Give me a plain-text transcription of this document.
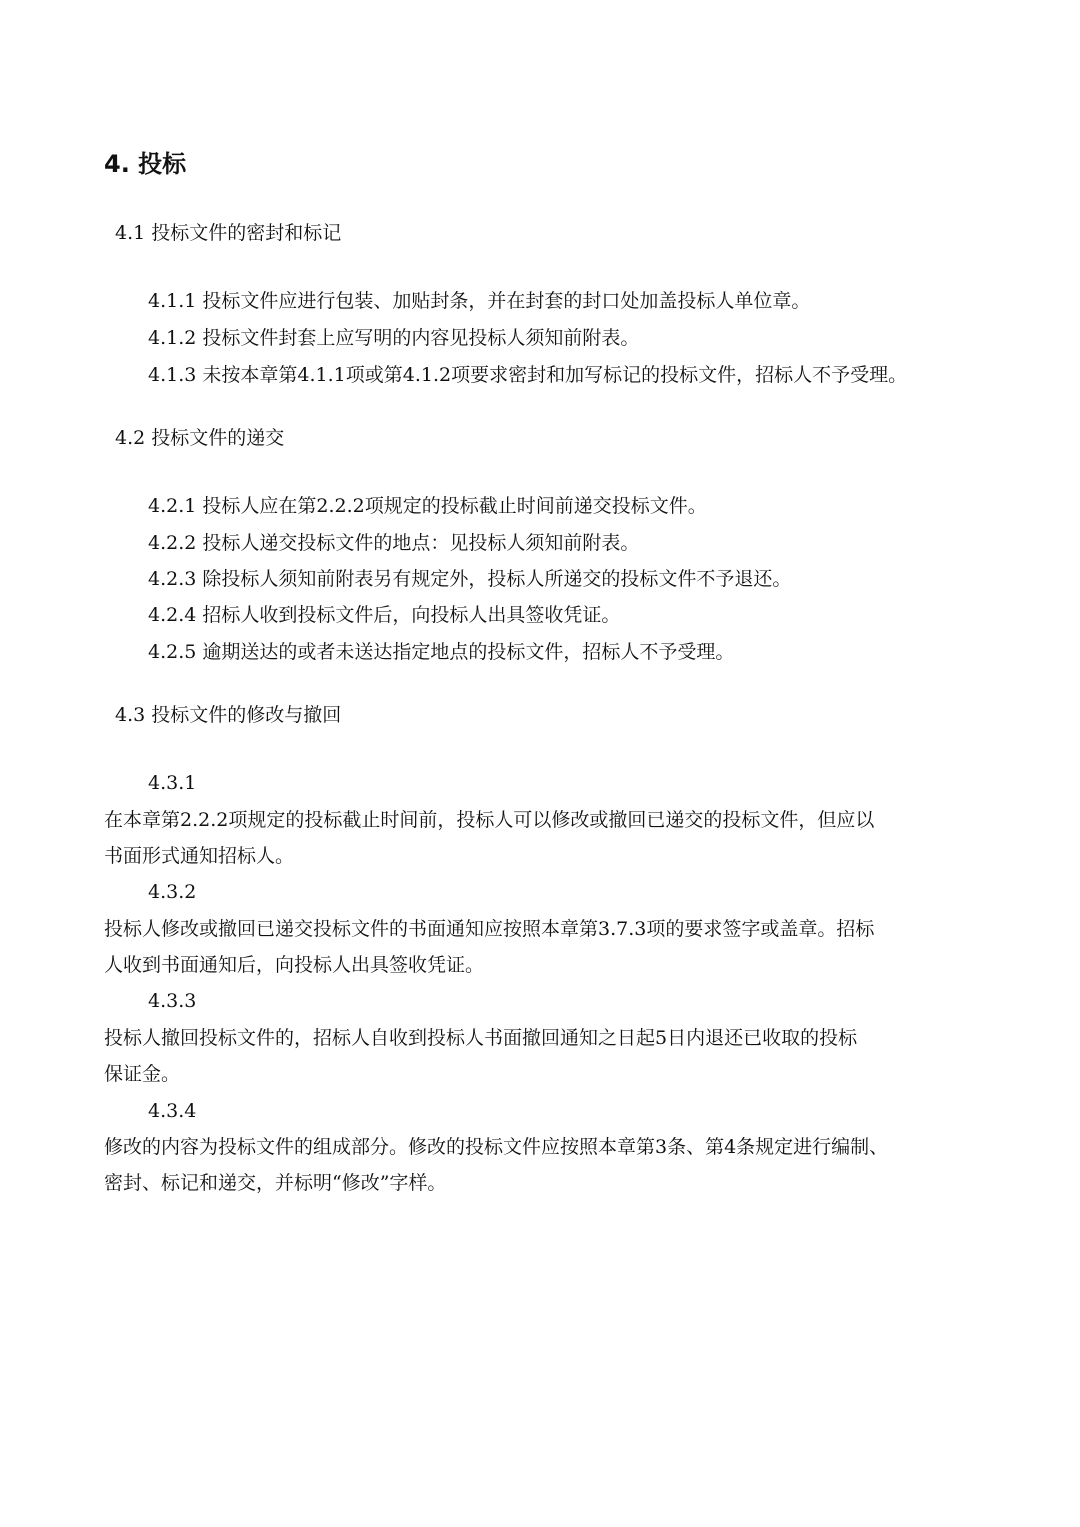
4. 投标
4.1 投标文件的密封和标记
4.1.1 投标文件应进行包装、加贴封条，并在封套的封口处加盖投标人单位章。
4.1.2 投标文件封套上应写明的内容见投标人须知前附表。
4.1.3 未按本章第4.1.1项或第4.1.2项要求密封和加写标记的投标文件，招标人不予受理。
4.2 投标文件的递交
4.2.1 投标人应在第2.2.2项规定的投标截止时间前递交投标文件。
4.2.2 投标人递交投标文件的地点：见投标人须知前附表。
4.2.3 除投标人须知前附表另有规定外，投标人所递交的投标文件不予退还。
4.2.4 招标人收到投标文件后，向投标人出具签收凭证。
4.2.5 逾期送达的或者未送达指定地点的投标文件，招标人不予受理。
4.3 投标文件的修改与撤回
4.3.1
在本章第2.2.2项规定的投标截止时间前，投标人可以修改或撤回已递交的投标文件，但应以
书面形式通知招标人。
4.3.2
投标人修改或撤回已递交投标文件的书面通知应按照本章第3.7.3项的要求签字或盖章。招标
人收到书面通知后，向投标人出具签收凭证。
4.3.3
投标人撤回投标文件的，招标人自收到投标人书面撤回通知之日起5日内退还已收取的投标
保证金。
4.3.4
修改的内容为投标文件的组成部分。修改的投标文件应按照本章第3条、第4条规定进行编制、
密封、标记和递交，并标明“修改”字样。
